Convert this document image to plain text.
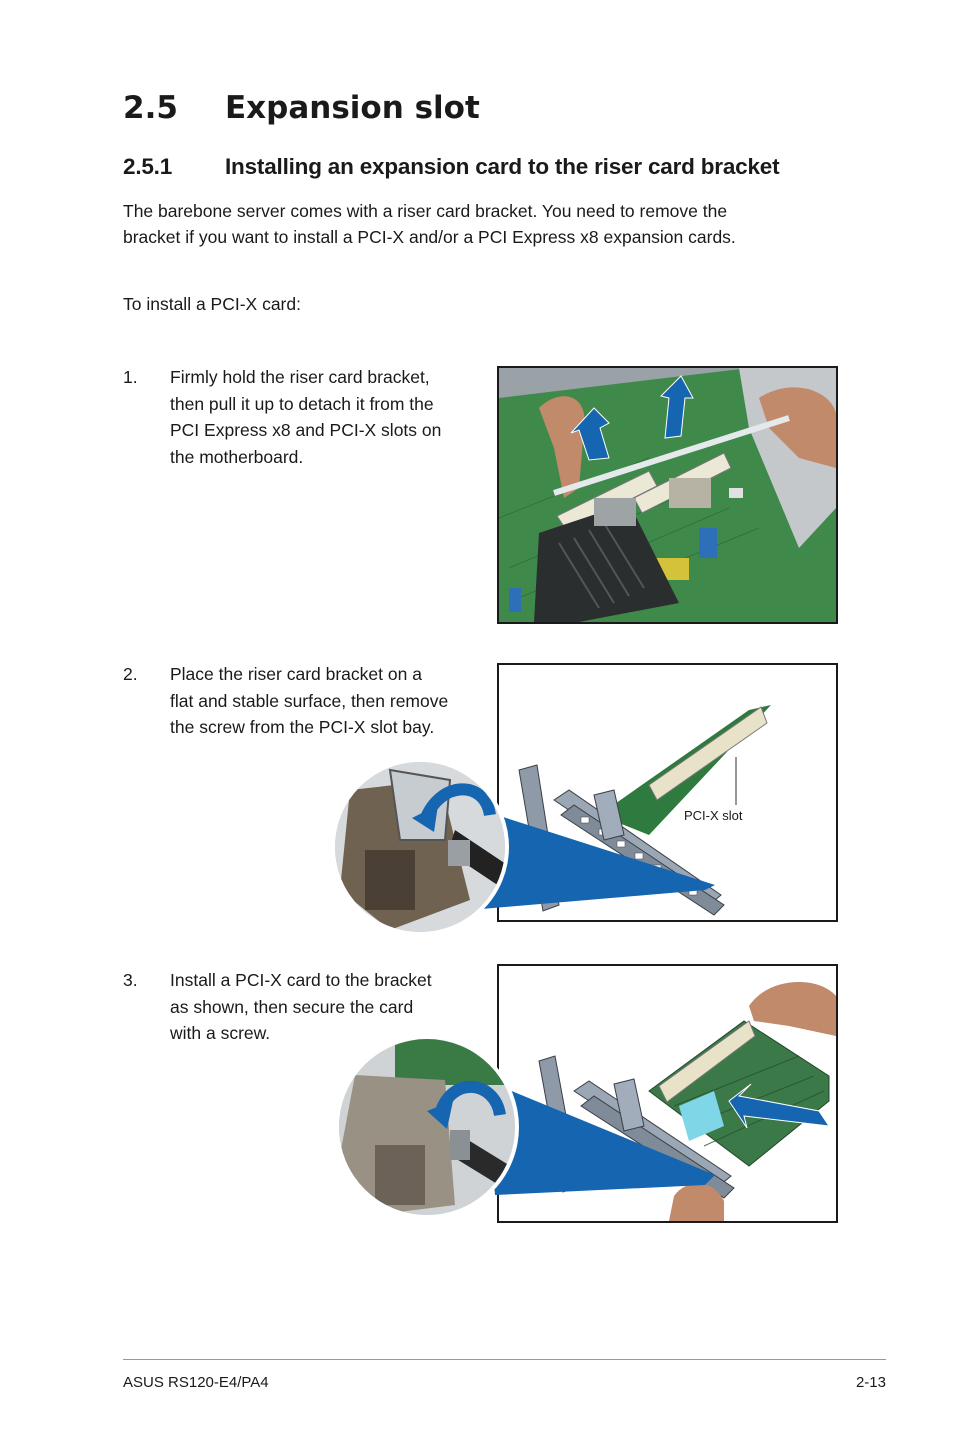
2.5 Expansion slot
2.5.1 Installing an expansion card to the riser card bracket
The barebone server comes with a riser card bracket. You need to remove the
bracket if you want to install a PCI-X and/or a PCI Express x8 expansion cards.
To install a PCI-X card:
1. Firmly hold the riser card bracket,
then pull it up to detach it from the
PCI Express x8 and PCI-X slots on
the motherboard.
2. Place the riser card bracket on a
flat and stable surface, then remove
the screw from the PCI-X slot bay.
PCI-X slot
3. Install a PCI-X card to the bracket
as shown, then secure the card
with a screw.
ASUS RS120-E4/PA4	2-13
